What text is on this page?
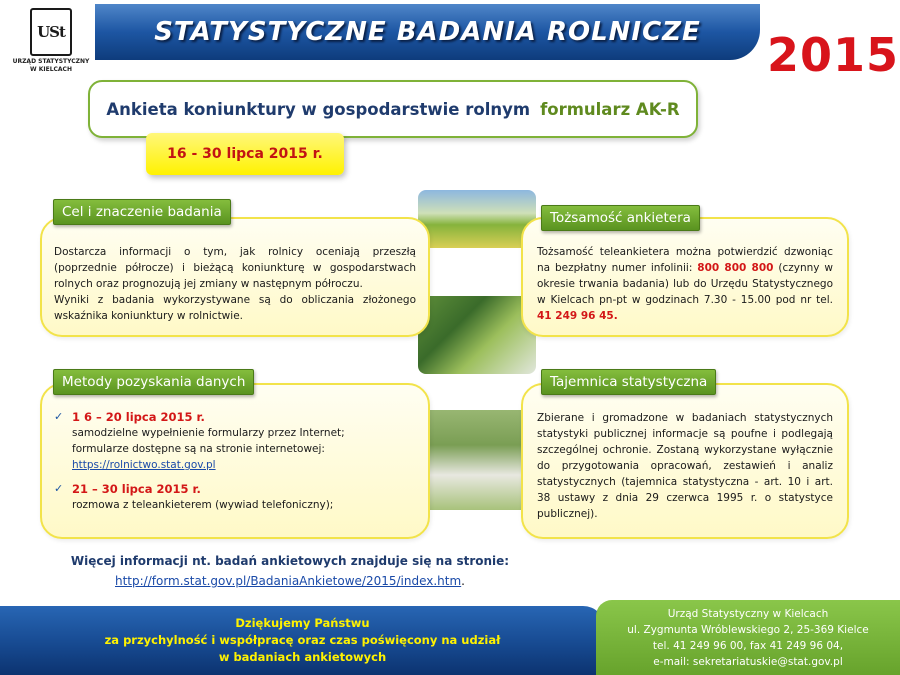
USt
URZĄD STATYSTYCZNY
W KIELCACH
STATYSTYCZNE BADANIA ROLNICZE 2015
Ankieta koniunktury w gospodarstwie rolnym formularz AK-R
16 - 30 lipca 2015 r.
Cel i znaczenie badania
Dostarcza informacji o tym, jak rolnicy oceniają przeszłą (poprzednie półrocze) i bieżącą koniunkturę w gospodarstwach rolnych oraz prognozują jej zmiany w następnym półroczu.
Wyniki z badania wykorzystywane są do obliczania złożonego wskaźnika koniunktury w rolnictwie.
Tożsamość ankietera
Tożsamość teleankietera można potwierdzić dzwoniąc na bezpłatny numer infolinii: 800 800 800 (czynny w okresie trwania badania) lub do Urzędu Statystycznego w Kielcach pn-pt w godzinach 7.30 - 15.00 pod nr tel. 41 249 96 45.
Metody pozyskania danych
✓ 1 6 – 20 lipca 2015 r.
samodzielne wypełnienie formularzy przez Internet;
formularze dostępne są na stronie internetowej:
https://rolnictwo.stat.gov.pl
✓ 21 – 30 lipca 2015 r.
rozmowa z teleankieterem (wywiad telefoniczny);
Tajemnica statystyczna
Zbierane i gromadzone w badaniach statystycznych statystyki publicznej informacje są poufne i podlegają szczególnej ochronie. Zostaną wykorzystane wyłącznie do przygotowania opracowań, zestawień i analiz statystycznych (tajemnica statystyczna - art. 10 i art. 38 ustawy z dnia 29 czerwca 1995 r. o statystyce publicznej).
Więcej informacji nt. badań ankietowych znajduje się na stronie:
http://form.stat.gov.pl/BadaniaAnkietowe/2015/index.htm.
Dziękujemy Państwu
za przychylność i współpracę oraz czas poświęcony na udział
w badaniach ankietowych
Urząd Statystyczny w Kielcach
ul. Zygmunta Wróblewskiego 2, 25-369 Kielce
tel. 41 249 96 00, fax 41 249 96 04,
e-mail: sekretariatuskie@stat.gov.pl
